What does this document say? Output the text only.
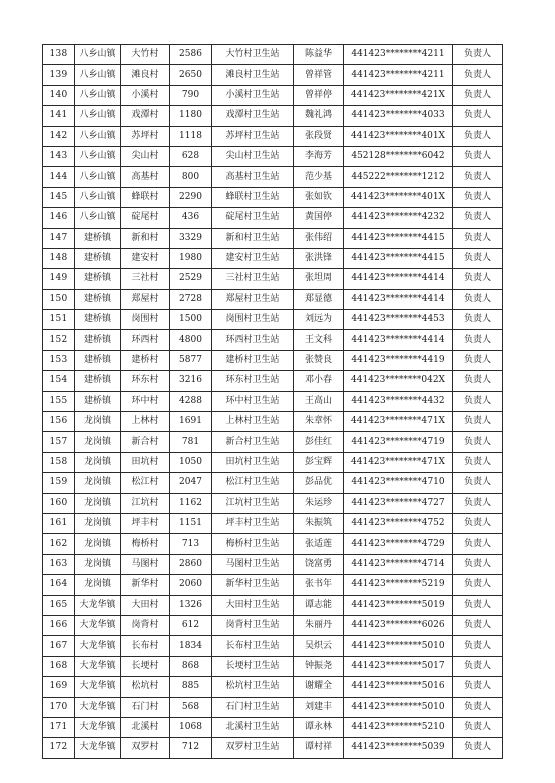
138	八乡山镇	大竹村	2586	大竹村卫生站	陈益华	441423********4211	负责人
139	八乡山镇	滩良村	2650	滩良村卫生站	曾祥管	441423********4211	负责人
140	八乡山镇	小溪村	790	小溪村卫生站	曾祥停	441423********421X	负责人
141	八乡山镇	戏潭村	1180	戏潭村卫生站	魏礼鸿	441423********4033	负责人
142	八乡山镇	苏坪村	1118	苏坪村卫生站	张段贤	441423********401X	负责人
143	八乡山镇	尖山村	628	尖山村卫生站	李海芳	452128********6042	负责人
144	八乡山镇	高基村	800	高基村卫生站	范少基	445222********1212	负责人
145	八乡山镇	蜂联村	2290	蜂联村卫生站	张如钦	441423********401X	负责人
146	八乡山镇	碇尾村	436	碇尾村卫生站	黄国停	441423********4232	负责人
147	建桥镇	新和村	3329	新和村卫生站	张伟绍	441423********4415	负责人
148	建桥镇	建安村	1980	建安村卫生站	张洪锋	441423********4415	负责人
149	建桥镇	三社村	2529	三社村卫生站	张坦周	441423********4414	负责人
150	建桥镇	郑屋村	2728	郑屋村卫生站	郑显德	441423********4414	负责人
151	建桥镇	岗围村	1500	岗围村卫生站	刘远为	441423********4453	负责人
152	建桥镇	环西村	4800	环西村卫生站	王文科	441423********4414	负责人
153	建桥镇	建桥村	5877	建桥村卫生站	张赞良	441423********4419	负责人
154	建桥镇	环东村	3216	环东村卫生站	邓小春	441423********042X	负责人
155	建桥镇	环中村	4288	环中村卫生站	王高山	441423********4432	负责人
156	龙岗镇	上林村	1691	上林村卫生站	朱章怀	441423********471X	负责人
157	龙岗镇	新合村	781	新合村卫生站	彭佳红	441423********4719	负责人
158	龙岗镇	田坑村	1050	田坑村卫生站	彭宝辉	441423********471X	负责人
159	龙岗镇	松江村	2047	松江村卫生站	彭品优	441423********4710	负责人
160	龙岗镇	江坑村	1162	江坑村卫生站	朱运珍	441423********4727	负责人
161	龙岗镇	坪丰村	1151	坪丰村卫生站	朱振筑	441423********4752	负责人
162	龙岗镇	梅桥村	713	梅桥村卫生站	张适莲	441423********4729	负责人
163	龙岗镇	马图村	2860	马图村卫生站	饶富勇	441423********4714	负责人
164	龙岗镇	新华村	2060	新华村卫生站	张书年	441423********5219	负责人
165	大龙华镇	大田村	1326	大田村卫生站	谭志能	441423********5019	负责人
166	大龙华镇	岗背村	612	岗背村卫生站	朱丽丹	441423********6026	负责人
167	大龙华镇	长布村	1834	长布村卫生站	吴炽云	441423********5010	负责人
168	大龙华镇	长埂村	868	长埂村卫生站	钟振尧	441423********5017	负责人
169	大龙华镇	松坑村	885	松坑村卫生站	谢耀全	441423********5016	负责人
170	大龙华镇	石门村	568	石门村卫生站	刘建丰	441423********5010	负责人
171	大龙华镇	北溪村	1068	北溪村卫生站	谭永林	441423********5210	负责人
172	大龙华镇	双罗村	712	双罗村卫生站	谭村祥	441423********5039	负责人
